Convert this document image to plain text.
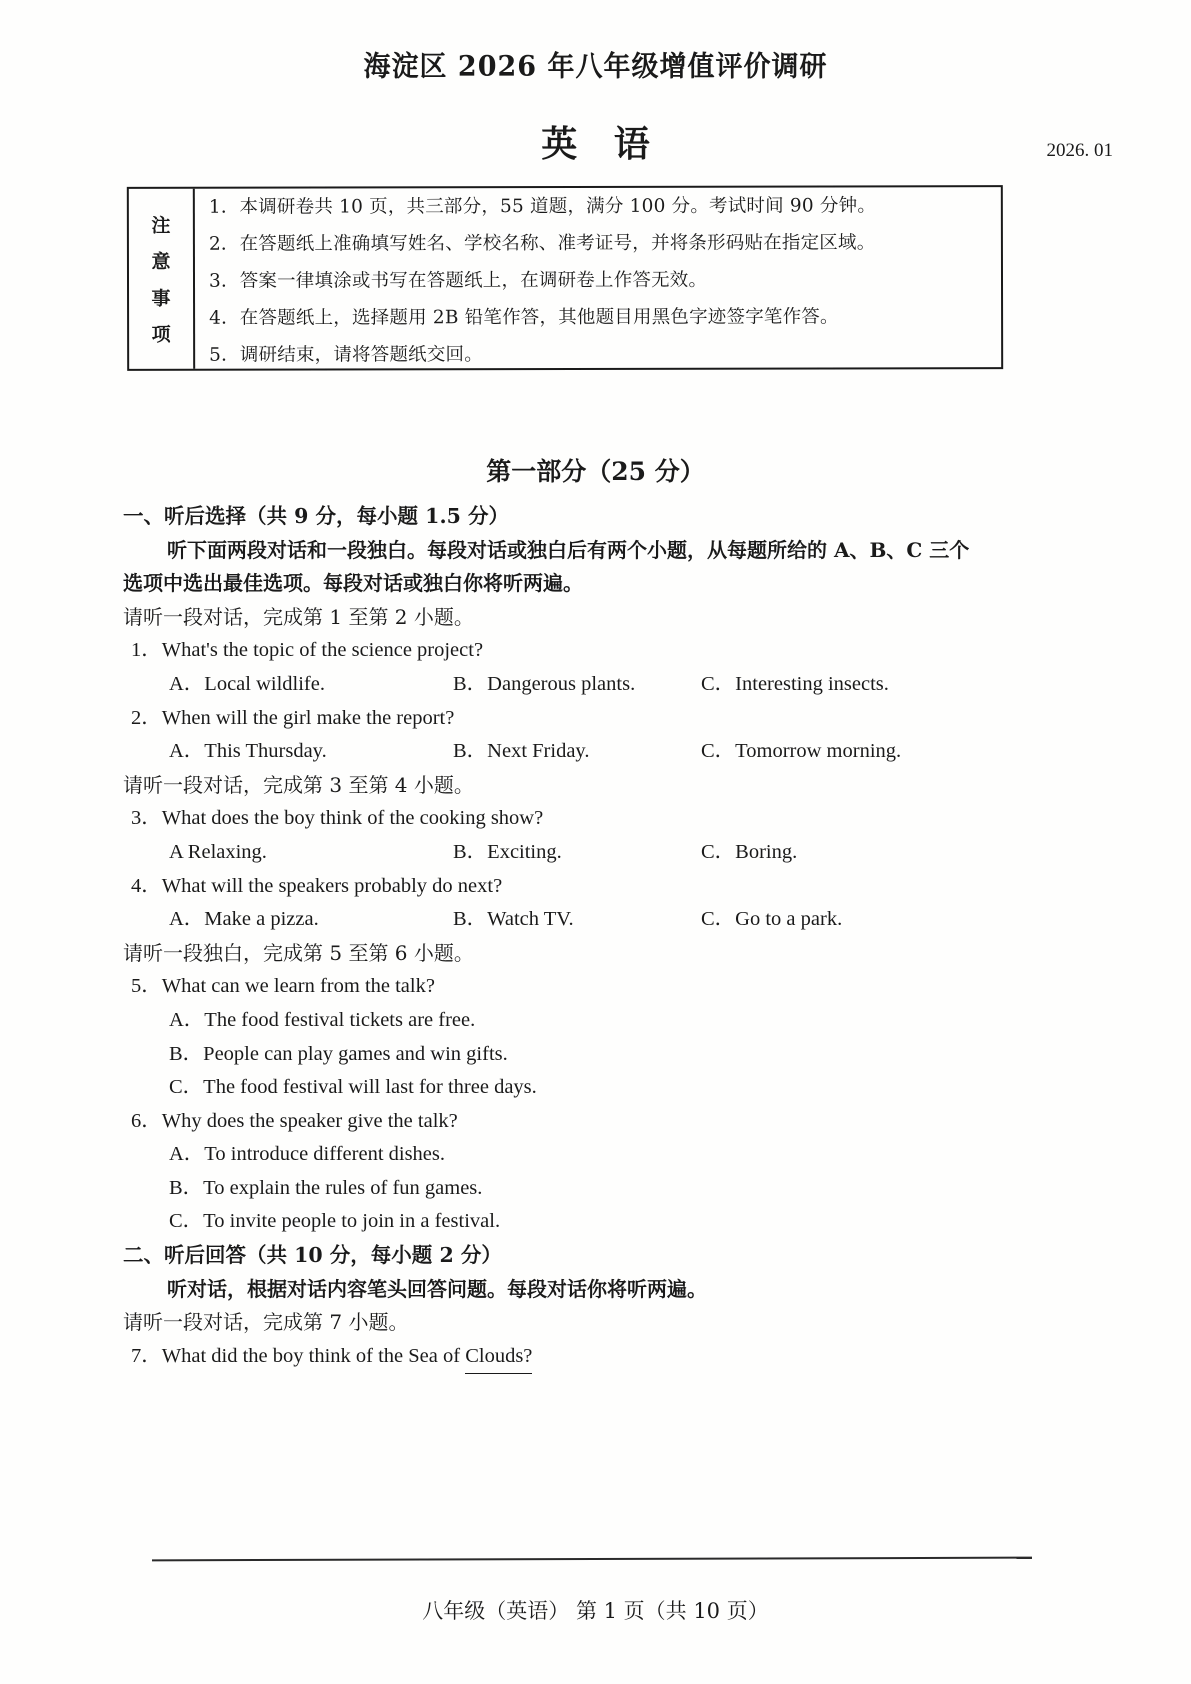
海淀区 2026 年八年级增值评价调研
英 语	2026. 01
注
意
事
项
1．本调研卷共 10 页，共三部分，55 道题，满分 100 分。考试时间 90 分钟。
2．在答题纸上准确填写姓名、学校名称、准考证号，并将条形码贴在指定区域。
3．答案一律填涂或书写在答题纸上，在调研卷上作答无效。
4．在答题纸上，选择题用 2B 铅笔作答，其他题目用黑色字迹签字笔作答。
5．调研结束，请将答题纸交回。
第一部分（25 分）
一、听后选择（共 9 分，每小题 1.5 分）
听下面两段对话和一段独白。每段对话或独白后有两个小题，从每题所给的 A、B、C 三个
选项中选出最佳选项。每段对话或独白你将听两遍。
请听一段对话，完成第 1 至第 2 小题。
1．What's the topic of the science project?
A．Local wildlife.	B．Dangerous plants.	C．Interesting insects.
2．When will the girl make the report?
A．This Thursday.	B．Next Friday.	C．Tomorrow morning.
请听一段对话，完成第 3 至第 4 小题。
3．What does the boy think of the cooking show?
A Relaxing.	B．Exciting.	C．Boring.
4．What will the speakers probably do next?
A．Make a pizza.	B．Watch TV.	C．Go to a park.
请听一段独白，完成第 5 至第 6 小题。
5．What can we learn from the talk?
A．The food festival tickets are free.
B．People can play games and win gifts.
C．The food festival will last for three days.
6．Why does the speaker give the talk?
A．To introduce different dishes.
B．To explain the rules of fun games.
C．To invite people to join in a festival.
二、听后回答（共 10 分，每小题 2 分）
听对话，根据对话内容笔头回答问题。每段对话你将听两遍。
请听一段对话，完成第 7 小题。
7．What did the boy think of the Sea of Clouds?
八年级（英语） 第 1 页（共 10 页）
